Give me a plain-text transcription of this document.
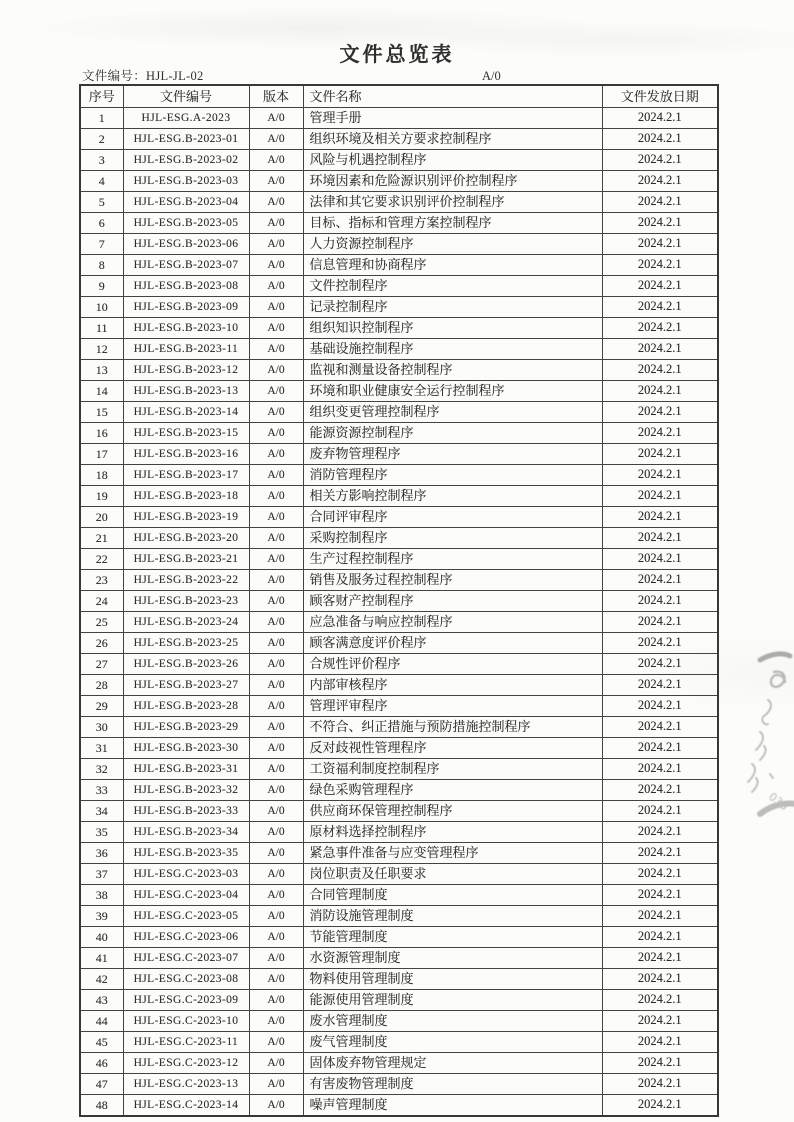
文件总览表
文件编号：HJL-JL-02	A/0
序号	文件编号	版本	文件名称	文件发放日期
1	HJL-ESG.A-2023	A/0	管理手册	2024.2.1
2	HJL-ESG.B-2023-01	A/0	组织环境及相关方要求控制程序	2024.2.1
3	HJL-ESG.B-2023-02	A/0	风险与机遇控制程序	2024.2.1
4	HJL-ESG.B-2023-03	A/0	环境因素和危险源识别评价控制程序	2024.2.1
5	HJL-ESG.B-2023-04	A/0	法律和其它要求识别评价控制程序	2024.2.1
6	HJL-ESG.B-2023-05	A/0	目标、指标和管理方案控制程序	2024.2.1
7	HJL-ESG.B-2023-06	A/0	人力资源控制程序	2024.2.1
8	HJL-ESG.B-2023-07	A/0	信息管理和协商程序	2024.2.1
9	HJL-ESG.B-2023-08	A/0	文件控制程序	2024.2.1
10	HJL-ESG.B-2023-09	A/0	记录控制程序	2024.2.1
11	HJL-ESG.B-2023-10	A/0	组织知识控制程序	2024.2.1
12	HJL-ESG.B-2023-11	A/0	基础设施控制程序	2024.2.1
13	HJL-ESG.B-2023-12	A/0	监视和测量设备控制程序	2024.2.1
14	HJL-ESG.B-2023-13	A/0	环境和职业健康安全运行控制程序	2024.2.1
15	HJL-ESG.B-2023-14	A/0	组织变更管理控制程序	2024.2.1
16	HJL-ESG.B-2023-15	A/0	能源资源控制程序	2024.2.1
17	HJL-ESG.B-2023-16	A/0	废弃物管理程序	2024.2.1
18	HJL-ESG.B-2023-17	A/0	消防管理程序	2024.2.1
19	HJL-ESG.B-2023-18	A/0	相关方影响控制程序	2024.2.1
20	HJL-ESG.B-2023-19	A/0	合同评审程序	2024.2.1
21	HJL-ESG.B-2023-20	A/0	采购控制程序	2024.2.1
22	HJL-ESG.B-2023-21	A/0	生产过程控制程序	2024.2.1
23	HJL-ESG.B-2023-22	A/0	销售及服务过程控制程序	2024.2.1
24	HJL-ESG.B-2023-23	A/0	顾客财产控制程序	2024.2.1
25	HJL-ESG.B-2023-24	A/0	应急准备与响应控制程序	2024.2.1
26	HJL-ESG.B-2023-25	A/0	顾客满意度评价程序	2024.2.1
27	HJL-ESG.B-2023-26	A/0	合规性评价程序	2024.2.1
28	HJL-ESG.B-2023-27	A/0	内部审核程序	2024.2.1
29	HJL-ESG.B-2023-28	A/0	管理评审程序	2024.2.1
30	HJL-ESG.B-2023-29	A/0	不符合、纠正措施与预防措施控制程序	2024.2.1
31	HJL-ESG.B-2023-30	A/0	反对歧视性管理程序	2024.2.1
32	HJL-ESG.B-2023-31	A/0	工资福利制度控制程序	2024.2.1
33	HJL-ESG.B-2023-32	A/0	绿色采购管理程序	2024.2.1
34	HJL-ESG.B-2023-33	A/0	供应商环保管理控制程序	2024.2.1
35	HJL-ESG.B-2023-34	A/0	原材料选择控制程序	2024.2.1
36	HJL-ESG.B-2023-35	A/0	紧急事件准备与应变管理程序	2024.2.1
37	HJL-ESG.C-2023-03	A/0	岗位职责及任职要求	2024.2.1
38	HJL-ESG.C-2023-04	A/0	合同管理制度	2024.2.1
39	HJL-ESG.C-2023-05	A/0	消防设施管理制度	2024.2.1
40	HJL-ESG.C-2023-06	A/0	节能管理制度	2024.2.1
41	HJL-ESG.C-2023-07	A/0	水资源管理制度	2024.2.1
42	HJL-ESG.C-2023-08	A/0	物料使用管理制度	2024.2.1
43	HJL-ESG.C-2023-09	A/0	能源使用管理制度	2024.2.1
44	HJL-ESG.C-2023-10	A/0	废水管理制度	2024.2.1
45	HJL-ESG.C-2023-11	A/0	废气管理制度	2024.2.1
46	HJL-ESG.C-2023-12	A/0	固体废弃物管理规定	2024.2.1
47	HJL-ESG.C-2023-13	A/0	有害废物管理制度	2024.2.1
48	HJL-ESG.C-2023-14	A/0	噪声管理制度	2024.2.1
030
